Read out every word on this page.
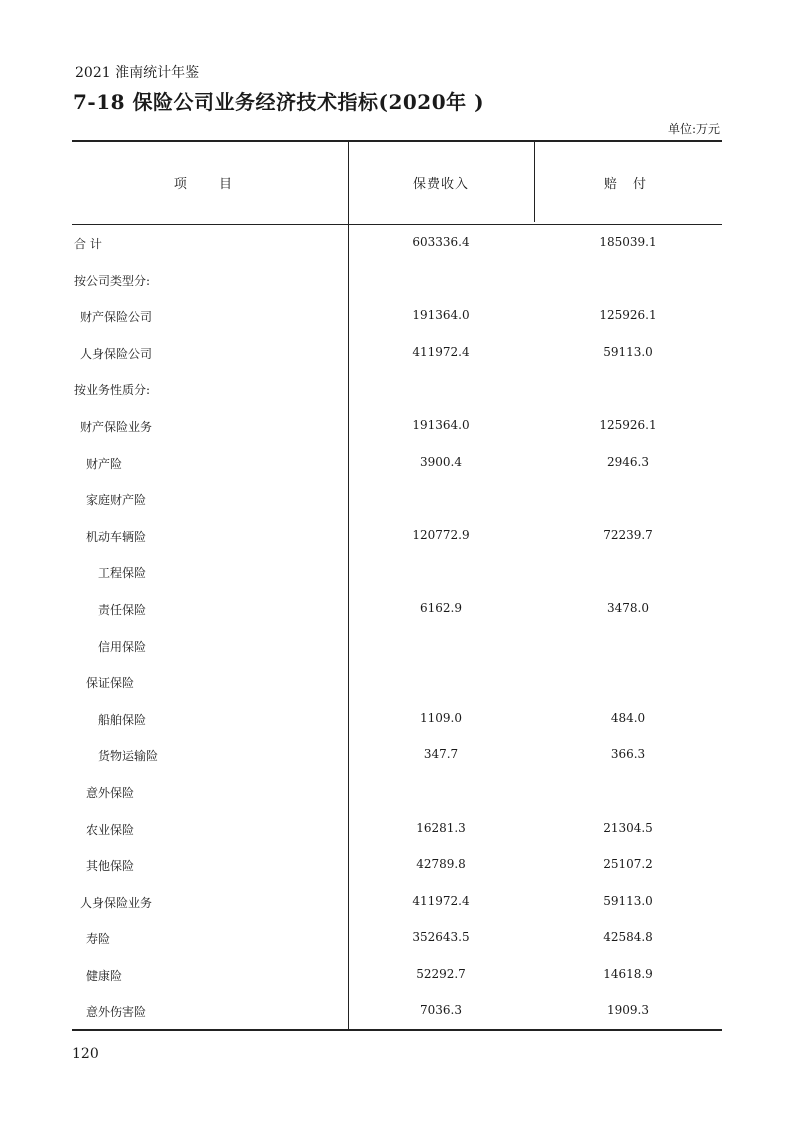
2021 淮南统计年鉴
7-18 保险公司业务经济技术指标(2020年 )
单位:万元
项 目	保费收入	赔 付
合 计	603336.4	185039.1
按公司类型分:
财产保险公司	191364.0	125926.1
人身保险公司	411972.4	59113.0
按业务性质分:
财产保险业务	191364.0	125926.1
财产险	3900.4	2946.3
家庭财产险
机动车辆险	120772.9	72239.7
工程保险
责任保险	6162.9	3478.0
信用保险
保证保险
船舶保险	1109.0	484.0
货物运输险	347.7	366.3
意外保险
农业保险	16281.3	21304.5
其他保险	42789.8	25107.2
人身保险业务	411972.4	59113.0
寿险	352643.5	42584.8
健康险	52292.7	14618.9
意外伤害险	7036.3	1909.3
120
